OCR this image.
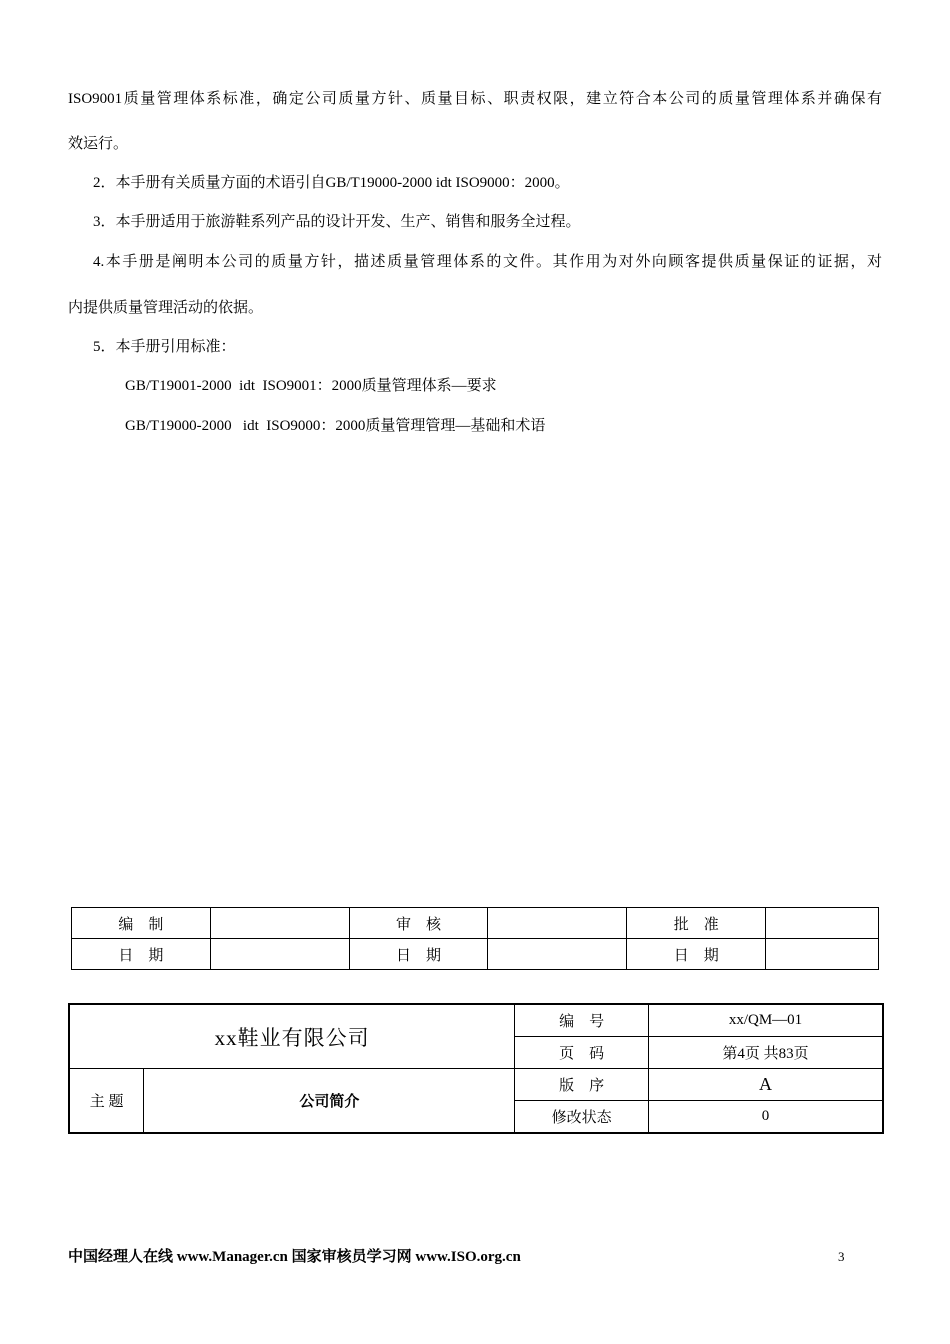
ISO9001质量管理体系标准，确定公司质量方针、质量目标、职责权限，建立符合本公司的质量管理体系并确保有
效运行。
2．本手册有关质量方面的术语引自GB/T19000-2000 idt ISO9000：2000。
3．本手册适用于旅游鞋系列产品的设计开发、生产、销售和服务全过程。
4.本手册是阐明本公司的质量方针，描述质量管理体系的文件。其作用为对外向顾客提供质量保证的证据，对
内提供质量管理活动的依据。
5．本手册引用标准：
GB/T19001-2000  idt  ISO9001：2000质量管理体系—要求
GB/T19000-2000   idt  ISO9000：2000质量管理管理—基础和术语
编　制		审　核		批　准	
日　期		日　期		日　期	
xx鞋业有限公司		编　号	xx/QM—01
		页　码	第4页 共83页
主 题	公司简介	版　序	A
		修改状态	0
中国经理人在线 www.Manager.cn 国家审核员学习网 www.ISO.org.cn	3
